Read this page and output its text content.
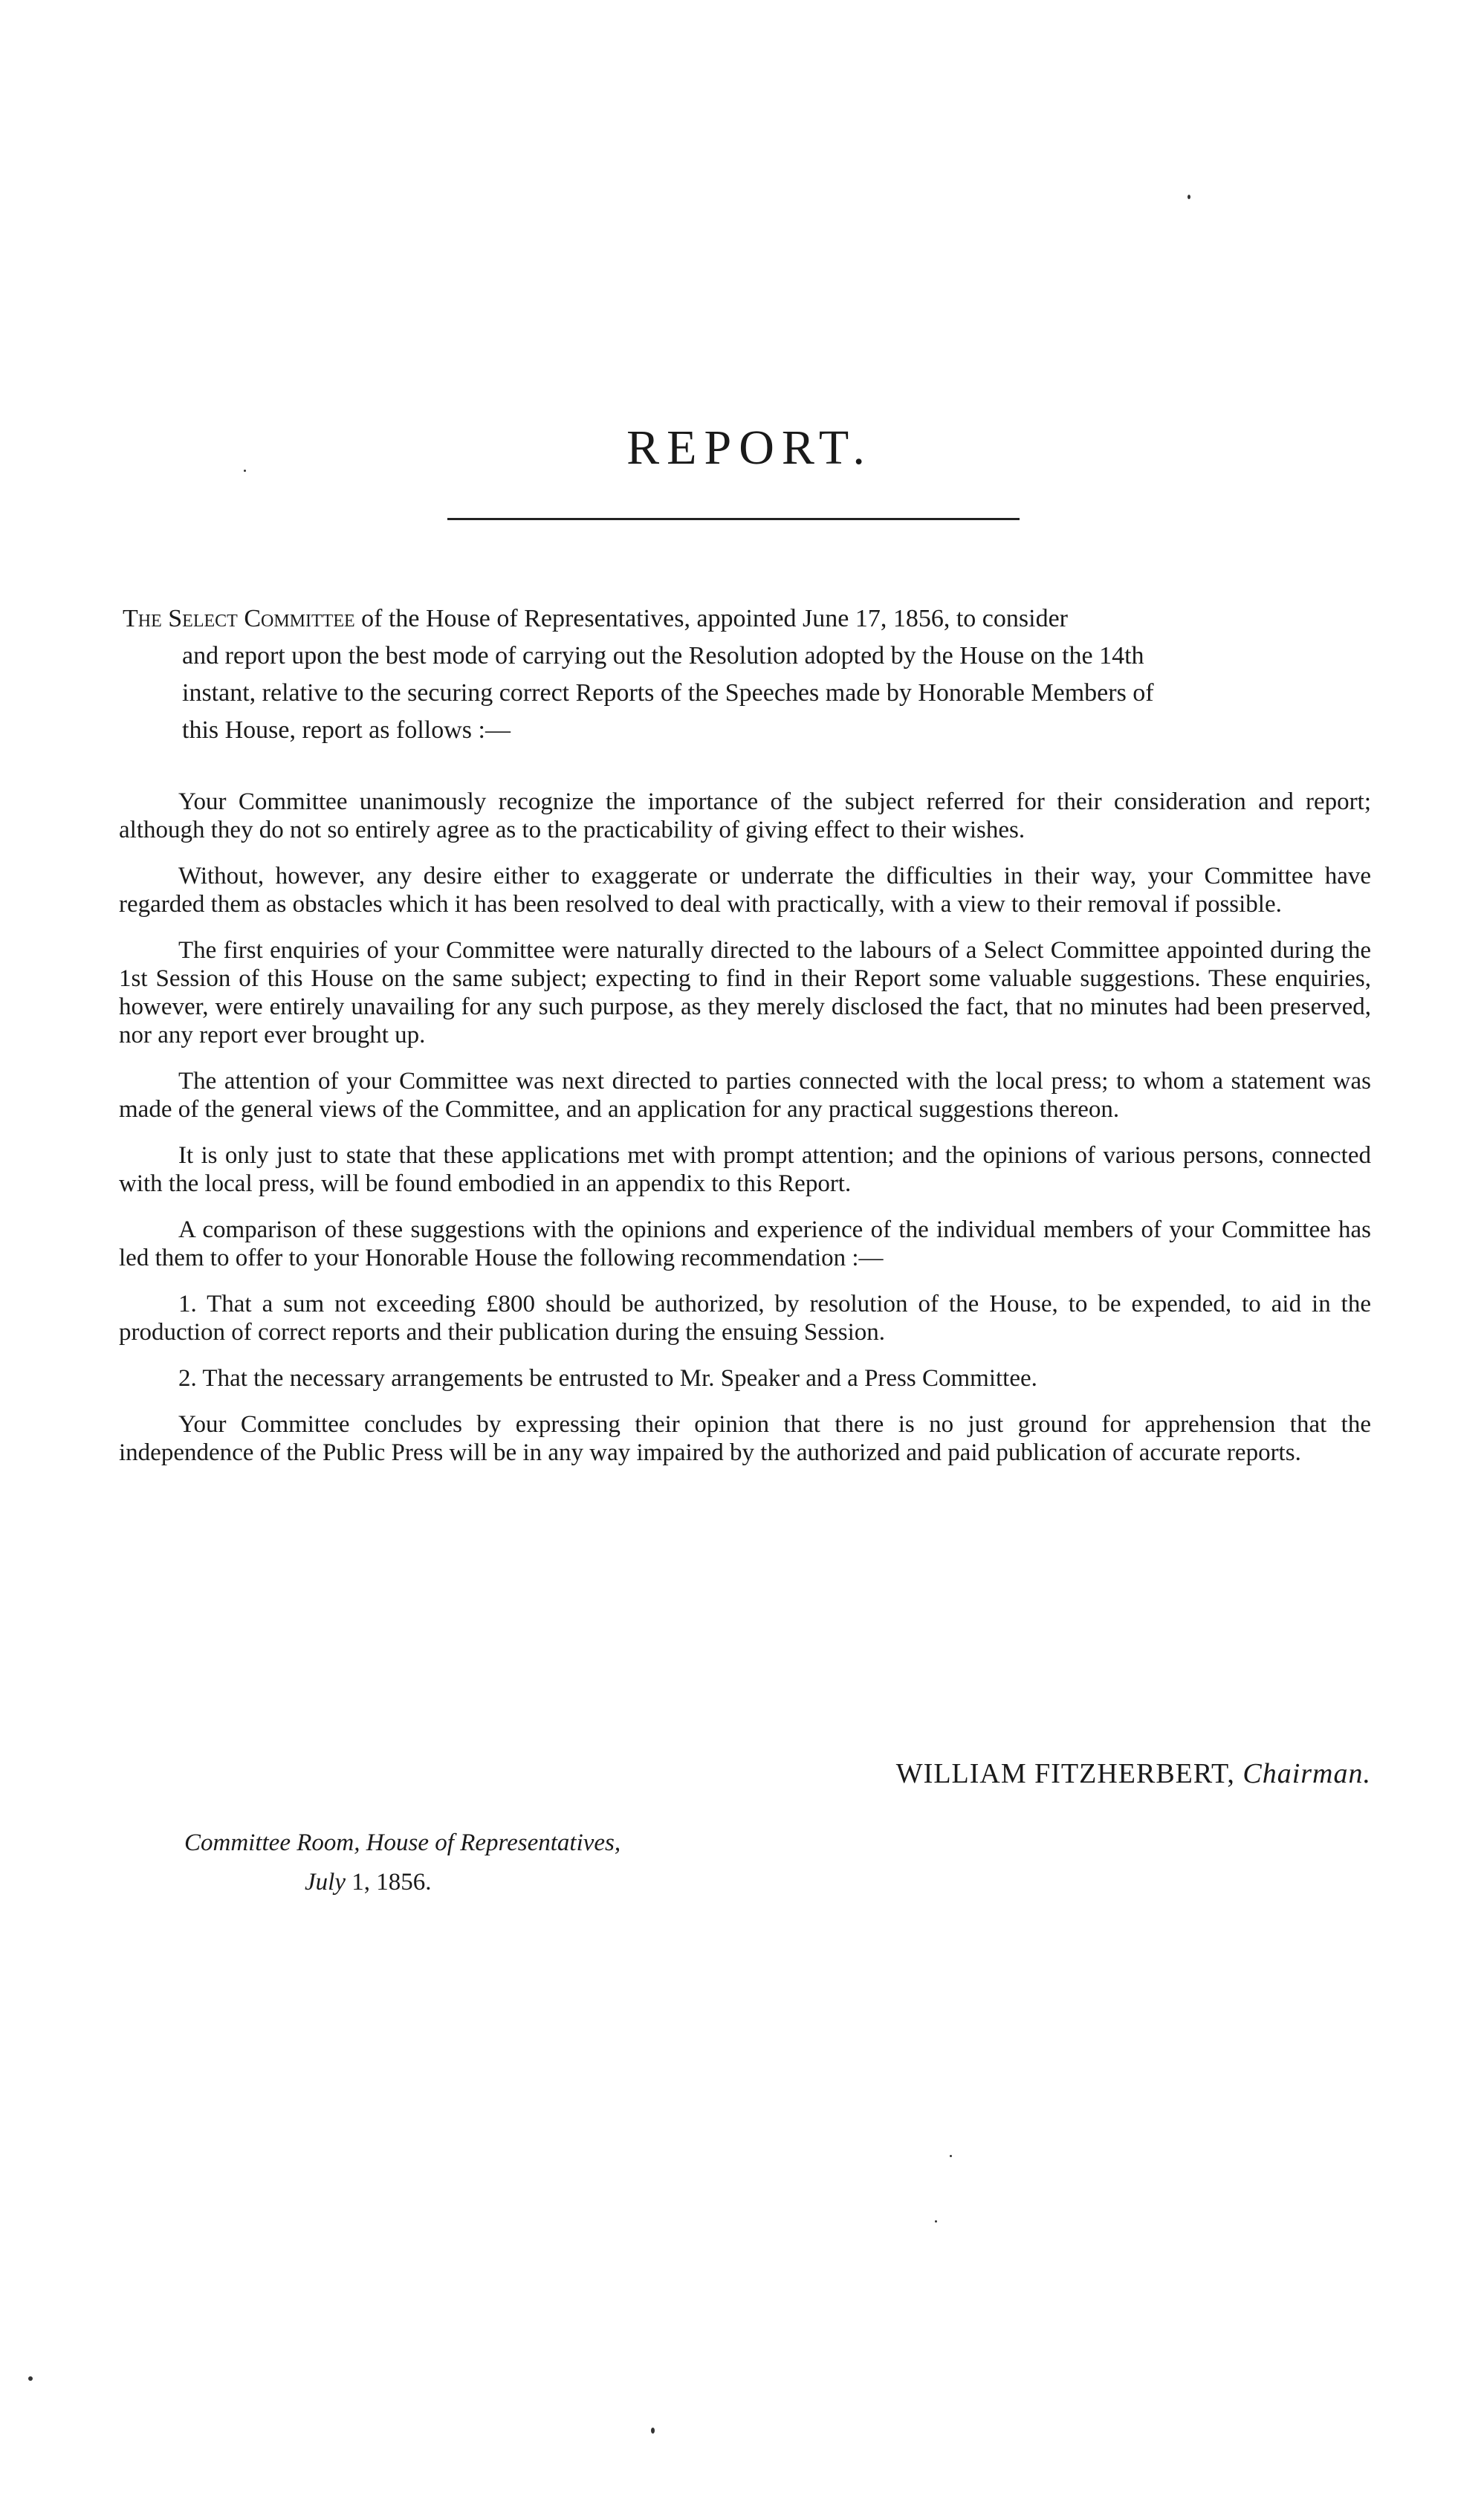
REPORT.
The Select Committee of the House of Representatives, appointed June 17, 1856, to consider
and report upon the best mode of carrying out the Resolution adopted by the House on the 14th
instant, relative to the securing correct Reports of the Speeches made by Honorable Members of
this House, report as follows :—

Your Committee unanimously recognize the importance of the subject referred for their consideration and report; although they do not so entirely agree as to the practicability of giving effect to their wishes.

Without, however, any desire either to exaggerate or underrate the difficulties in their way, your Committee have regarded them as obstacles which it has been resolved to deal with practically, with a view to their removal if possible.

The first enquiries of your Committee were naturally directed to the labours of a Select Committee appointed during the 1st Session of this House on the same subject; expecting to find in their Report some valuable suggestions. These enquiries, however, were entirely unavailing for any such purpose, as they merely disclosed the fact, that no minutes had been preserved, nor any report ever brought up.

The attention of your Committee was next directed to parties connected with the local press; to whom a statement was made of the general views of the Committee, and an application for any practical suggestions thereon.

It is only just to state that these applications met with prompt attention; and the opinions of various persons, connected with the local press, will be found embodied in an appendix to this Report.

A comparison of these suggestions with the opinions and experience of the individual members of your Committee has led them to offer to your Honorable House the following recommendation :—

1. That a sum not exceeding £800 should be authorized, by resolution of the House, to be expended, to aid in the production of correct reports and their publication during the ensuing Session.

2. That the necessary arrangements be entrusted to Mr. Speaker and a Press Committee.

Your Committee concludes by expressing their opinion that there is no just ground for apprehension that the independence of the Public Press will be in any way impaired by the authorized and paid publication of accurate reports.

WILLIAM FITZHERBERT, Chairman.
Committee Room, House of Representatives,
July 1, 1856.
